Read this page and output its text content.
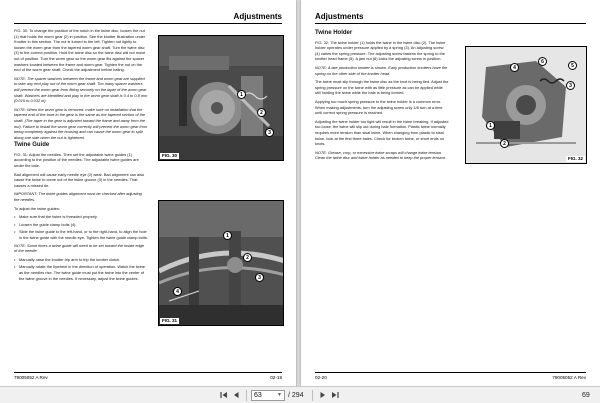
Adjustments

FIG. 30: To change the position of the notch in the twine disc, loosen the nut (1) that holds the worm gear (2) in position. See the knotter illustration under Knotter in this section. The nut is turned to the left. Tighten nut lightly to loosen the worm gear from the tapered worm gear shaft. Turn the twine disc (3) to the correct position. Hold the twine disc so the twine disc will not move out of position. Turn the worm gear so the worm gear fits against the spacer washers located between the frame and worm gear. Tighten the nut on the end of the worm gear shaft. Check the adjustment before baling.

NOTE: The spacer washers between the frame and worm gear are supplied to take any end play out of the worm gear shaft. Too many spacer washers will prevent the worm gear from fitting securely on the taper of the worm gear shaft. Washers are identified and play in the worm gear shaft is 0.4 to 0.8 mm (0.015 to 0.032 in).

NOTE: When the worm gear is removed, make sure on installation that the tapered end of the bore in the gear is the same as the tapered section of the shaft. (The taper in the gear is adjusted toward the frame and away from the nut). Failure to install the worm gear correctly will prevent the worm gear from being completely against the housing and can cause the worm gear to split along one side when the nut is tightened.

Twine Guide

FIG. 31: Adjust the needles. Then set the adjustable twine guides (1) according to the position of the needles. The adjustable twine guides are under the bale.

Bad alignment will cause early needle eye (2) wear. Bad alignment can also cause the twine to come out of the twine groove (3) in the needles. That causes a missed tie.

IMPORTANT: The twine guides alignment must be checked after adjusting the needles.

To adjust the twine guides:

• Make sure that the twine is threaded properly.
• Loosen the guide clamp bolts (4).
• Slide the twine guide to the left-hand, or to the right-hand, to align the hole in the twine guide with the needle eye. Tighten the twine guide clamp bolts.

NOTE: Some times a twine guide will need to be set toward the inside edge of the needle.

• Manually raise the knotter trip arm to trip the knotter clutch.
• Manually rotate the flywheel in the direction of operation. Watch the twine as the needles rise. The twine guide must put the twine into the center of the twine groove in the needles. If necessary, adjust the twine guides.
1
2
3
FIG. 30
1
2
3
4
FIG. 31
79005052 A Rev	02-19
Adjustments
Twine Holder

FIG. 32: The twine holder (1) holds the twine in the twine disc (2). The twine holder operates under pressure applied by a spring (3). An adjusting screw (4) varies the spring pressure. The adjusting screw fastens the spring to the knotter head frame (5). A jam nut (6) locks the adjusting screw in position.

NOTE: A late production knotter is shown. Early production knotters have the spring on the other side of the knotter head.

The twine must slip through the twine disc as the knot is being tied. Adjust the spring pressure on the twine with as little pressure as can be applied while still holding the twine while the bale is being formed.

Applying too much spring pressure to the twine holder is a common error. When making adjustments, turn the adjusting screw only 1/8 turn at a time until correct spring pressure is reached.

Adjusting the twine holder too tight will result in the twine breaking. If adjusted too loose, the twine will slip out during bale formation. Plastic twine normally requires more tension than sisal twine. When changing from plastic to sisal twine, look at the first three bales. Check for broken twine, or short ends on knots.

NOTE: Grease, crop, or excessive twine scraps will change twine tension. Clean the twine disc and twine holder as needed to keep the proper tension.

4
6
5
3
1
2
FIG. 32
02-20	79005052 A Rev
63	▼ / 294	69
